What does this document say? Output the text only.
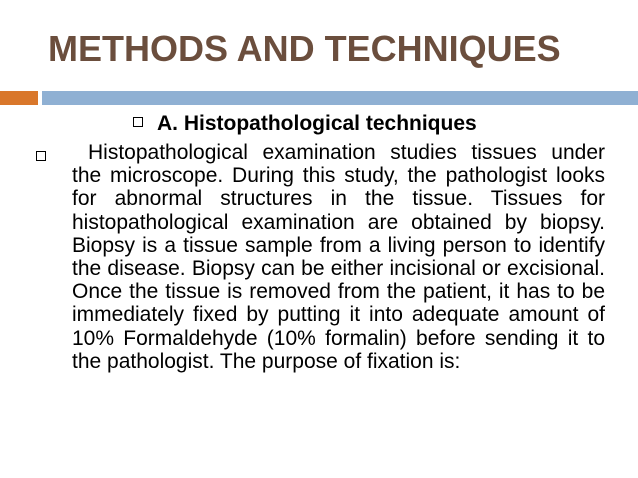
METHODS AND TECHNIQUES
A. Histopathological techniques

Histopathological examination studies tissues under the microscope. During this study, the pathologist looks for abnormal structures in the tissue. Tissues for histopathological examination are obtained by biopsy. Biopsy is a tissue sample from a living person to identify the disease. Biopsy can be either incisional or excisional. Once the tissue is removed from the patient, it has to be immediately fixed by putting it into adequate amount of 10% Formaldehyde (10% formalin) before sending it to the pathologist. The purpose of fixation is:
